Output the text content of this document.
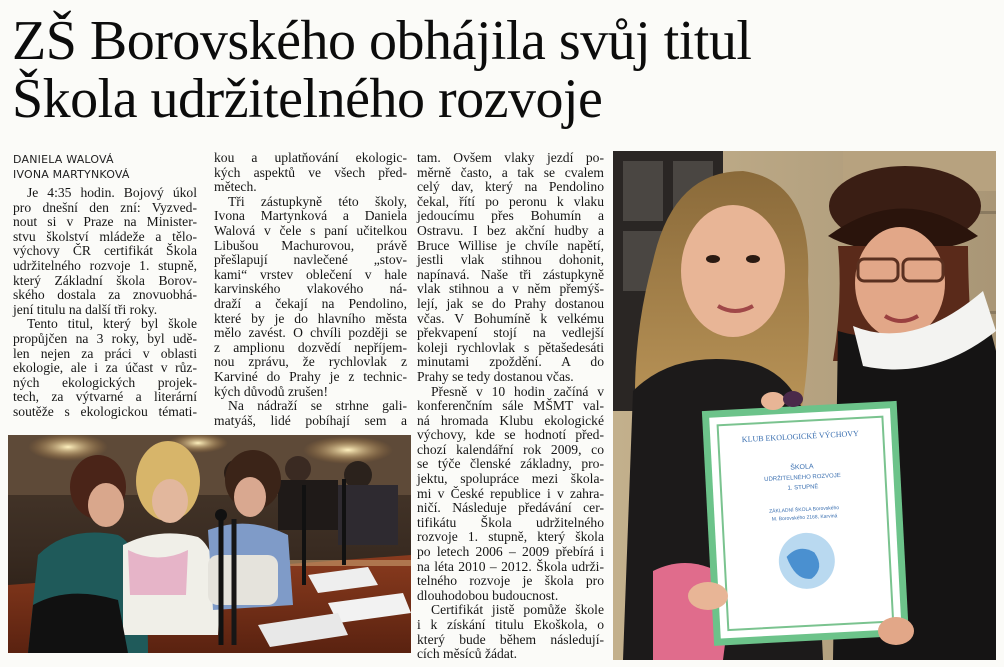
ZŠ Borovského obhájila svůj titul
Škola udržitelného rozvoje
DANIELA WALOVÁ
IVONA MARTYNKOVÁ
Je 4:35 hodin. Bojový úkol
pro dnešní den zní: Vyzved-
nout si v Praze na Minister-
stvu školství mládeže a tělo-
výchovy ČR certifikát Škola
udržitelného rozvoje 1. stupně,
který Základní škola Borov-
ského dostala za znovuobhá-
jení titulu na další tři roky.
Tento titul, který byl škole
propůjčen na 3 roky, byl udě-
len nejen za práci v oblasti
ekologie, ale i za účast v růz-
ných ekologických projek-
tech, za výtvarné a literární
soutěže s ekologickou témati-
kou a uplatňování ekologic-
kých aspektů ve všech před-
mětech.
Tři zástupkyně této školy,
Ivona Martynková a Daniela
Walová v čele s paní učitelkou
Libušou Machurovou, právě
přešlapují navlečené „stov-
kami“ vrstev oblečení v hale
karvinského vlakového ná-
draží a čekají na Pendolino,
které by je do hlavního města
mělo zavést. O chvíli později se
z amplionu dozvědí nepříjem-
nou zprávu, že rychlovlak z
Karviné do Prahy je z technic-
kých důvodů zrušen!
Na nádraží se strhne gali-
matyáš, lidé pobíhají sem a
tam. Ovšem vlaky jezdí po-
měrně často, a tak se cvalem
celý dav, který na Pendolino
čekal, řítí po peronu k vlaku
jedoucímu přes Bohumín a
Ostravu. I bez akční hudby a
Bruce Willise je chvíle napětí,
jestli vlak stihnou dohonit,
napínavá. Naše tři zástupkyně
vlak stihnou a v něm přemýš-
lejí, jak se do Prahy dostanou
včas. V Bohumíně k velkému
překvapení stojí na vedlejší
koleji rychlovlak s pětašedesáti
minutami zpoždění. A do
Prahy se tedy dostanou včas.
Přesně v 10 hodin začíná v
konferenčním sále MŠMT val-
ná hromada Klubu ekologické
výchovy, kde se hodnotí před-
chozí kalendářní rok 2009, co
se týče členské základny, pro-
jektu, spolupráce mezi škola-
mi v České republice i v zahra-
ničí. Následuje předávání cer-
tifikátu Škola udržitelného
rozvoje 1. stupně, který škola
po letech 2006 – 2009 přebírá i
na léta 2010 – 2012. Škola udrži-
telného rozvoje je škola pro
dlouhodobou budoucnost.
Certifikát jistě pomůže škole
i k získání titulu Ekoškola, o
který bude během následují-
cích měsíců žádat.
KLUB EKOLOGICKÉ VÝCHOVY
ŠKOLA
UDRŽITELNÉHO ROZVOJE
1. STUPNĚ
ZÁKLADNÍ ŠKOLA Borovského
M. Borovského 2168, Karviná
